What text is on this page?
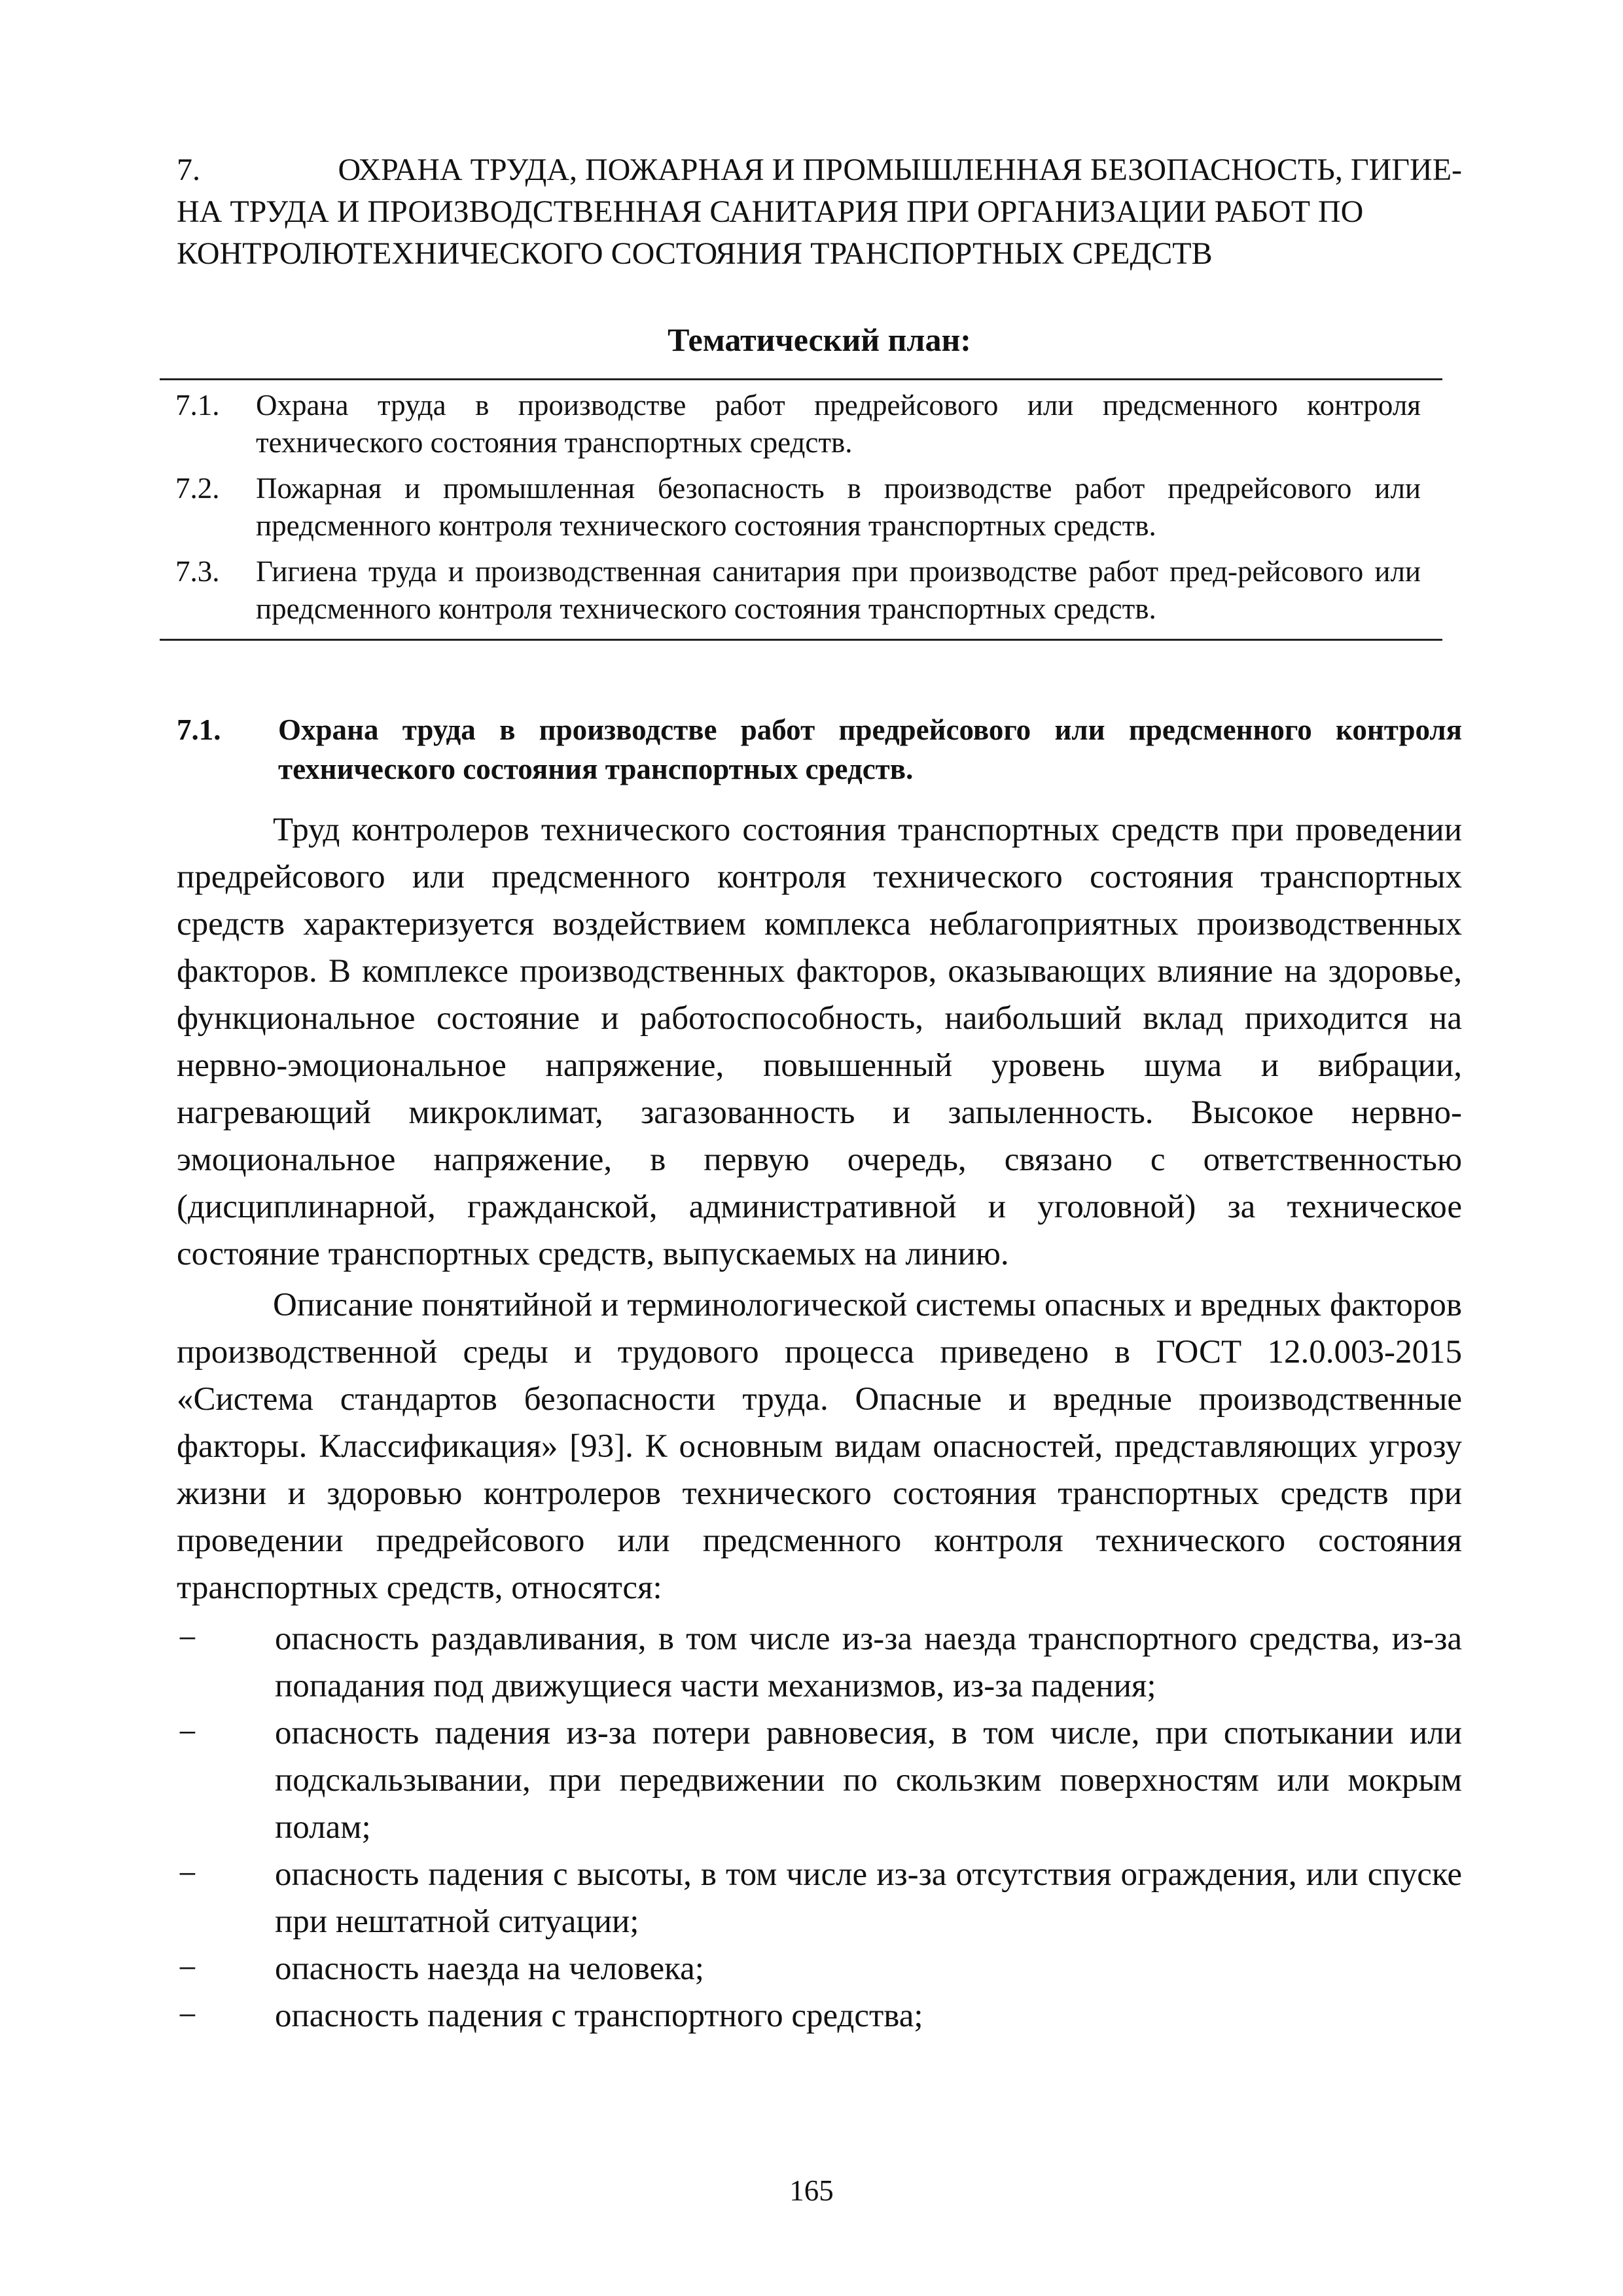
7.	ОХРАНА ТРУДА, ПОЖАРНАЯ И ПРОМЫШЛЕННАЯ БЕЗОПАСНОСТЬ, ГИГИЕ-
НА ТРУДА И ПРОИЗВОДСТВЕННАЯ САНИТАРИЯ ПРИ ОРГАНИЗАЦИИ РАБОТ ПО
КОНТРОЛЮТЕХНИЧЕСКОГО СОСТОЯНИЯ ТРАНСПОРТНЫХ СРЕДСТВ
Тематический план:
7.1.	Охрана труда в производстве работ предрейсового или предсменного контроля технического состояния транспортных средств.
7.2.	Пожарная и промышленная безопасность в производстве работ предрейсового или предсменного контроля технического состояния транспортных средств.
7.3.	Гигиена труда и производственная санитария при производстве работ пред-рейсового или предсменного контроля технического состояния транспортных средств.
7.1.	Охрана труда в производстве работ предрейсового или предсменного контроля технического состояния транспортных средств.

Труд контролеров технического состояния транспортных средств при проведении предрейсового или предсменного контроля технического состояния транспортных средств характеризуется воздействием комплекса неблагоприятных производственных факторов. В комплексе производственных факторов, оказывающих влияние на здоровье, функциональное состояние и работоспособность, наибольший вклад приходится на нервно-эмоциональное напряжение, повышенный уровень шума и вибрации, нагревающий микроклимат, загазованность и запыленность. Высокое нервно-эмоциональное напряжение, в первую очередь, связано с ответственностью (дисциплинарной, гражданской, административной и уголовной) за техническое состояние транспортных средств, выпускаемых на линию.

Описание понятийной и терминологической системы опасных и вредных факторов производственной среды и трудового процесса приведено в ГОСТ 12.0.003-2015 «Система стандартов безопасности труда. Опасные и вредные производственные факторы. Классификация» [93]. К основным видам опасностей, представляющих угрозу жизни и здоровью контролеров технического состояния транспортных средств при проведении предрейсового или предсменного контроля технического состояния транспортных средств, относятся:

−	опасность раздавливания, в том числе из-за наезда транспортного средства, из-за попадания под движущиеся части механизмов, из-за падения;
−	опасность падения из-за потери равновесия, в том числе, при спотыкании или подскальзывании, при передвижении по скользким поверхностям или мокрым полам;
−	опасность падения с высоты, в том числе из-за отсутствия ограждения, или спуске при нештатной ситуации;
−	опасность наезда на человека;
−	опасность падения с транспортного средства;
165
